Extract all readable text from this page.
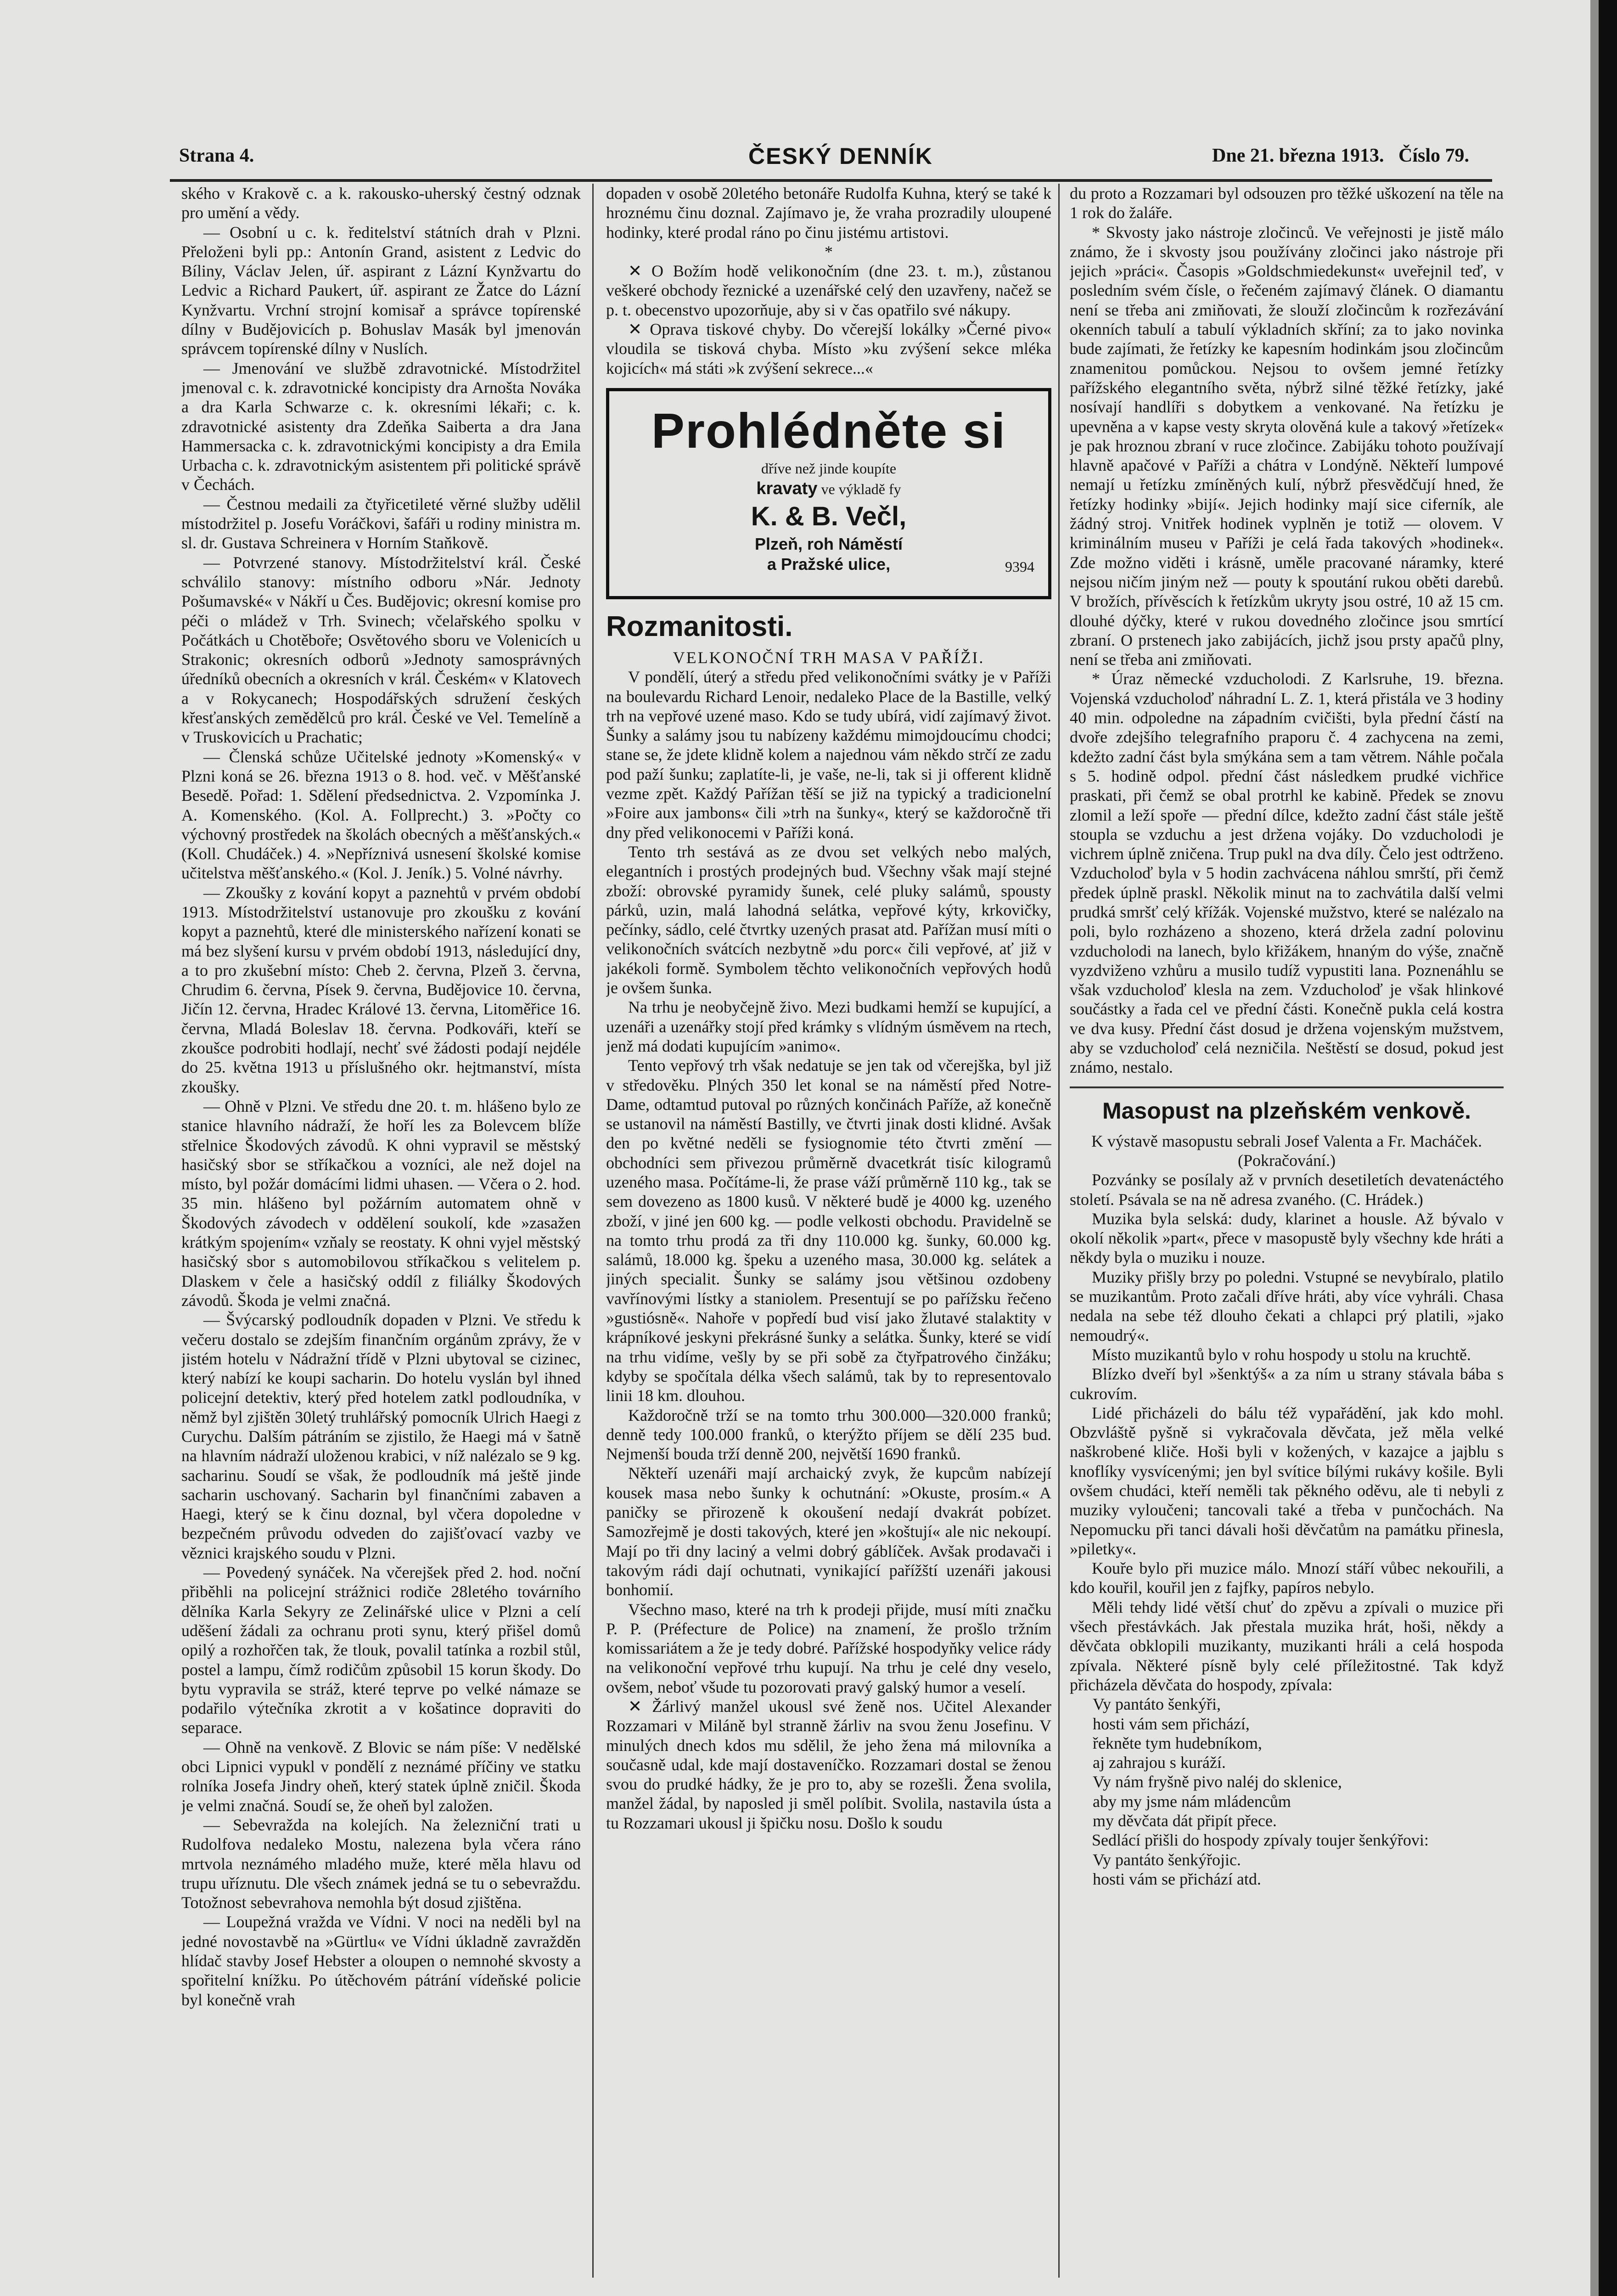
Strana 4.	ČESKÝ DENNÍK	Dne 21. března 1913. Číslo 79.

ského v Krakově c. a k. rakousko-uherský čestný odznak pro umění a vědy.

— Osobní u c. k. ředitelství státních drah v Plzni. Přeloženi byli pp.: Antonín Grand, asistent z Ledvic do Bíliny, Václav Jelen, úř. aspirant z Lázní Kynžvartu do Ledvic a Richard Paukert, úř. aspirant ze Žatce do Lázní Kynžvartu. Vrchní strojní komisař a správce topírenské dílny v Budějovicích p. Bohuslav Masák byl jmenován správcem topírenské dílny v Nuslích.

— Jmenování ve službě zdravotnické. Místodržitel jmenoval c. k. zdravotnické koncipisty dra Arnošta Nováka a dra Karla Schwarze c. k. okresními lékaři; c. k. zdravotnické asistenty dra Zdeňka Saiberta a dra Jana Hammersacka c. k. zdravotnickými koncipisty a dra Emila Urbacha c. k. zdravotnickým asistentem při politické správě v Čechách.

— Čestnou medaili za čtyřicetileté věrné služby udělil místodržitel p. Josefu Voráčkovi, šafáři u rodiny ministra m. sl. dr. Gustava Schreinera v Horním Staňkově.

— Potvrzené stanovy. Místodržitelství král. České schválilo stanovy: místního odboru »Nár. Jednoty Pošumavské« v Nákří u Čes. Budějovic; okresní komise pro péči o mládež v Trh. Svinech; včelařského spolku v Počátkách u Chotěboře; Osvětového sboru ve Volenicích u Strakonic; okresních odborů »Jednoty samosprávných úředníků obecních a okresních v král. Českém« v Klatovech a v Rokycanech; Hospodářských sdružení českých křesťanských zemědělců pro král. České ve Vel. Temelíně a v Truskovicích u Prachatic;

— Členská schůze Učitelské jednoty »Komenský« v Plzni koná se 26. března 1913 o 8. hod. več. v Měšťanské Besedě. Pořad: 1. Sdělení předsednictva. 2. Vzpomínka J. A. Komenského. (Kol. A. Follprecht.) 3. »Počty co výchovný prostředek na školách obecných a měšťanských.« (Koll. Chudáček.) 4. »Nepříznivá usnesení školské komise učitelstva měšťanského.« (Kol. J. Jeník.) 5. Volné návrhy.

— Zkoušky z kování kopyt a paznehtů v prvém období 1913. Místodržitelství ustanovuje pro zkoušku z kování kopyt a paznehtů, které dle ministerského nařízení konati se má bez slyšení kursu v prvém období 1913, následující dny, a to pro zkušební místo: Cheb 2. června, Plzeň 3. června, Chrudim 6. června, Písek 9. června, Budějovice 10. června, Jičín 12. června, Hradec Králové 13. června, Litoměřice 16. června, Mladá Boleslav 18. června. Podkováři, kteří se zkoušce podrobiti hodlají, nechť své žádosti podají nejdéle do 25. května 1913 u příslušného okr. hejtmanství, místa zkoušky.

— Ohně v Plzni. Ve středu dne 20. t. m. hlášeno bylo ze stanice hlavního nádraží, že hoří les za Bolevcem blíže střelnice Škodových závodů. K ohni vypravil se městský hasičský sbor se stříkačkou a vozníci, ale než dojel na místo, byl požár domácími lidmi uhasen. — Včera o 2. hod. 35 min. hlášeno byl požárním automatem ohně v Škodových závodech v oddělení soukolí, kde »zasažen krátkým spojením« vzňaly se reostaty. K ohni vyjel městský hasičský sbor s automobilovou stříkačkou s velitelem p. Dlaskem v čele a hasičský oddíl z filiálky Škodových závodů. Škoda je velmi značná.

— Švýcarský podloudník dopaden v Plzni. Ve středu k večeru dostalo se zdejším finančním orgánům zprávy, že v jistém hotelu v Nádražní třídě v Plzni ubytoval se cizinec, který nabízí ke koupi sacharin. Do hotelu vyslán byl ihned policejní detektiv, který před hotelem zatkl podloudníka, v němž byl zjištěn 30letý truhlářský pomocník Ulrich Haegi z Curychu. Dalším pátráním se zjistilo, že Haegi má v šatně na hlavním nádraží uloženou krabici, v níž nalézalo se 9 kg. sacharinu. Soudí se však, že podloudník má ještě jinde sacharin uschovaný. Sacharin byl finančními zabaven a Haegi, který se k činu doznal, byl včera dopoledne v bezpečném průvodu odveden do zajišťovací vazby ve věznici krajského soudu v Plzni.

— Povedený synáček. Na včerejšek před 2. hod. noční přiběhli na policejní strážnici rodiče 28letého továrního dělníka Karla Sekyry ze Zelinářské ulice v Plzni a celí uděšení žádali za ochranu proti synu, který přišel domů opilý a rozhořčen tak, že tlouk, povalil tatínka a rozbil stůl, postel a lampu, čímž rodičům způsobil 15 korun škody. Do bytu vypravila se stráž, které teprve po velké námaze se podařilo výtečníka zkrotit a v košatince dopraviti do separace.

— Ohně na venkově. Z Blovic se nám píše: V nedělské obci Lipnici vypukl v pondělí z neznámé příčiny ve statku rolníka Josefa Jindry oheň, který statek úplně zničil. Škoda je velmi značná. Soudí se, že oheň byl založen.

— Sebevražda na kolejích. Na železniční trati u Rudolfova nedaleko Mostu, nalezena byla včera ráno mrtvola neznámého mladého muže, které měla hlavu od trupu uříznutu. Dle všech známek jedná se tu o sebevraždu. Totožnost sebevrahova nemohla být dosud zjištěna.

— Loupežná vražda ve Vídni. V noci na neděli byl na jedné novostavbě na »Gürtlu« ve Vídni úkladně zavražděn hlídač stavby Josef Hebster a oloupen o nemnohé skvosty a spořitelní knížku. Po útěchovém pátrání vídeňské policie byl konečně vrah

dopaden v osobě 20letého betonáře Rudolfa Kuhna, který se také k hroznému činu doznal. Zajímavo je, že vraha prozradily uloupené hodinky, které prodal ráno po činu jistému artistovi.

*

✕ O Božím hodě velikonočním (dne 23. t. m.), zůstanou veškeré obchody řeznické a uzenářské celý den uzavřeny, načež se p. t. obecenstvo upozorňuje, aby si v čas opatřilo své nákupy.

✕ Oprava tiskové chyby. Do včerejší lokálky »Černé pivo« vloudila se tisková chyba. Místo »ku zvýšení sekce mléka kojicích« má státi »k zvýšení sekrece...«

Prohlédněte si
dříve než jinde koupíte
kravaty ve výkladě fy
K. & B. Večl,
Plzeň, roh Náměstí
a Pražské ulice,	9394
Rozmanitosti.

VELKONOČNÍ TRH MASA V PAŘÍŽI.

V pondělí, úterý a středu před velikonočními svátky je v Paříži na boulevardu Richard Lenoir, nedaleko Place de la Bastille, velký trh na vepřové uzené maso. Kdo se tudy ubírá, vidí zajímavý život. Šunky a salámy jsou tu nabízeny každému mimojdoucímu chodci; stane se, že jdete klidně kolem a najednou vám někdo strčí ze zadu pod paží šunku; zaplatíte-li, je vaše, ne-li, tak si ji offerent klidně vezme zpět. Každý Pařížan těší se již na typický a tradicionelní »Foire aux jambons« čili »trh na šunky«, který se každoročně tři dny před velikonocemi v Paříži koná.

Tento trh sestává as ze dvou set velkých nebo malých, elegantních i prostých prodejných bud. Všechny však mají stejné zboží: obrovské pyramidy šunek, celé pluky salámů, spousty párků, uzin, malá lahodná selátka, vepřové kýty, krkovičky, pečínky, sádlo, celé čtvrtky uzených prasat atd. Pařížan musí míti o velikonočních svátcích nezbytně »du porc« čili vepřové, ať již v jakékoli formě. Symbolem těchto velikonočních vepřových hodů je ovšem šunka.

Na trhu je neobyčejně živo. Mezi budkami hemží se kupující, a uzenáři a uzenářky stojí před krámky s vlídným úsměvem na rtech, jenž má dodati kupujícím »animo«.

Tento vepřový trh však nedatuje se jen tak od včerejška, byl již v středověku. Plných 350 let konal se na náměstí před Notre-Dame, odtamtud putoval po různých končinách Paříže, až konečně se ustanovil na náměstí Bastilly, ve čtvrti jinak dosti klidné. Avšak den po květné neděli se fysiognomie této čtvrti změní — obchodníci sem přivezou průměrně dvacetkrát tisíc kilogramů uzeného masa. Počítáme-li, že prase váží průměrně 110 kg., tak se sem dovezeno as 1800 kusů. V některé budě je 4000 kg. uzeného zboží, v jiné jen 600 kg. — podle velkosti obchodu. Pravidelně se na tomto trhu prodá za tři dny 110.000 kg. šunky, 60.000 kg. salámů, 18.000 kg. špeku a uzeného masa, 30.000 kg. selátek a jiných specialit. Šunky se salámy jsou většinou ozdobeny vavřínovými lístky a staniolem. Presentují se po pařížsku řečeno »gustiósně«. Nahoře v popředí bud visí jako žlutavé stalaktity v krápníkové jeskyni překrásné šunky a selátka. Šunky, které se vidí na trhu vidíme, vešly by se při sobě za čtyřpatrového činžáku; kdyby se spočítala délka všech salámů, tak by to representovalo linii 18 km. dlouhou.

Každoročně trží se na tomto trhu 300.000—320.000 franků; denně tedy 100.000 franků, o kterýžto příjem se dělí 235 bud. Nejmenší bouda trží denně 200, největší 1690 franků.

Někteří uzenáři mají archaický zvyk, že kupcům nabízejí kousek masa nebo šunky k ochutnání: »Okuste, prosím.« A paničky se přirozeně k okoušení nedají dvakrát pobízet. Samozřejmě je dosti takových, které jen »koštují« ale nic nekoupí. Mají po tři dny laciný a velmi dobrý gáblíček. Avšak prodavači i takovým rádi dají ochutnati, vynikající pařížští uzenáři jakousi bonhomií.

Všechno maso, které na trh k prodeji přijde, musí míti značku P. P. (Préfecture de Police) na znamení, že prošlo tržním komissariátem a že je tedy dobré. Pařížské hospodyňky velice rády na velikonoční vepřové trhu kupují. Na trhu je celé dny veselo, ovšem, neboť všude tu pozorovati pravý galský humor a veselí.

✕ Žárlivý manžel ukousl své ženě nos. Učitel Alexander Rozzamari v Miláně byl stranně žárliv na svou ženu Josefinu. V minulých dnech kdos mu sdělil, že jeho žena má milovníka a současně udal, kde mají dostaveníčko. Rozzamari dostal se ženou svou do prudké hádky, že je pro to, aby se rozešli. Žena svolila, manžel žádal, by naposled ji směl políbit. Svolila, nastavila ústa a tu Rozzamari ukousl ji špičku nosu. Došlo k soudu

du proto a Rozzamari byl odsouzen pro těžké uškození na těle na 1 rok do žaláře.

* Skvosty jako nástroje zločinců. Ve veřejnosti je jistě málo známo, že i skvosty jsou používány zločinci jako nástroje při jejich »práci«. Časopis »Goldschmiedekunst« uveřejnil teď, v posledním svém čísle, o řečeném zajímavý článek. O diamantu není se třeba ani zmiňovati, že slouží zločincům k rozřezávání okenních tabulí a tabulí výkladních skříní; za to jako novinka bude zajímati, že řetízky ke kapesním hodinkám jsou zločincům znamenitou pomůckou. Nejsou to ovšem jemné řetízky pařížského elegantního světa, nýbrž silné těžké řetízky, jaké nosívají handlíři s dobytkem a venkované. Na řetízku je upevněna a v kapse vesty skryta olověná kule a takový »řetízek« je pak hroznou zbraní v ruce zločince. Zabijáku tohoto používají hlavně apačové v Paříži a chátra v Londýně. Někteří lumpové nemají u řetízku zmíněných kulí, nýbrž přesvědčují hned, že řetízky hodinky »bijí«. Jejich hodinky mají sice ciferník, ale žádný stroj. Vnitřek hodinek vyplněn je totiž — olovem. V kriminálním museu v Paříži je celá řada takových »hodinek«. Zde možno viděti i krásně, uměle pracované náramky, které nejsou ničím jiným než — pouty k spoutání rukou oběti darebů. V brožích, přívěscích k řetízkům ukryty jsou ostré, 10 až 15 cm. dlouhé dýčky, které v rukou dovedného zločince jsou smrtící zbraní. O prstenech jako zabijácích, jichž jsou prsty apačů plny, není se třeba ani zmiňovati.

* Úraz německé vzducholodi. Z Karlsruhe, 19. března. Vojenská vzducholoď náhradní L. Z. 1, která přistála ve 3 hodiny 40 min. odpoledne na západním cvičišti, byla přední částí na dvoře zdejšího telegrafního praporu č. 4 zachycena na zemi, kdežto zadní část byla smýkána sem a tam větrem. Náhle počala s 5. hodině odpol. přední část následkem prudké vichřice praskati, při čemž se obal protrhl ke kabině. Předek se znovu zlomil a leží spoře — přední dílce, kdežto zadní část stále ještě stoupla se vzduchu a jest držena vojáky. Do vzducholodi je vichrem úplně zničena. Trup pukl na dva díly. Čelo jest odtrženo. Vzducholoď byla v 5 hodin zachvácena náhlou smrští, při čemž předek úplně praskl. Několik minut na to zachvátila další velmi prudká smršť celý křížák. Vojenské mužstvo, které se nalézalo na poli, bylo rozházeno a shozeno, která držela zadní polovinu vzducholodi na lanech, bylo křižákem, hnaným do výše, značně vyzdviženo vzhůru a musilo tudíž vypustiti lana. Poznenáhlu se však vzducholoď klesla na zem. Vzducholoď je však hlinkové součástky a řada cel ve přední části. Konečně pukla celá kostra ve dva kusy. Přední část dosud je držena vojenským mužstvem, aby se vzducholoď celá nezničila. Neštěstí se dosud, pokud jest známo, nestalo.

Masopust na plzeňském venkově.

K výstavě masopustu sebrali Josef Valenta a Fr. Macháček.

(Pokračování.)

Pozvánky se posílaly až v prvních desetiletích devatenáctého století. Psávala se na ně adresa zvaného. (C. Hrádek.)

Muzika byla selská: dudy, klarinet a housle. Až bývalo v okolí několik »part«, přece v masopustě byly všechny kde hráti a někdy byla o muziku i nouze.

Muziky přišly brzy po poledni. Vstupné se nevybíralo, platilo se muzikantům. Proto začali dříve hráti, aby více vyhráli. Chasa nedala na sebe též dlouho čekati a chlapci prý platili, »jako nemoudrý«.

Místo muzikantů bylo v rohu hospody u stolu na kruchtě.

Blízko dveří byl »šenktýš« a za ním u strany stávala bába s cukrovím.

Lidé přicházeli do bálu též vypařádění, jak kdo mohl. Obzvláště pyšně si vykračovala děvčata, jež měla velké naškrobené kliče. Hoši byli v kožených, v kazajce a jajblu s knoflíky vysvícenými; jen byl svítice bílými rukávy košile. Byli ovšem chudáci, kteří neměli tak pěkného oděvu, ale ti nebyli z muziky vyloučeni; tancovali také a třeba v punčochách. Na Nepomucku při tanci dávali hoši děvčatům na památku přinesla, »piletky«.

Kouře bylo při muzice málo. Mnozí stáří vůbec nekouřili, a kdo kouřil, kouřil jen z fajfky, papíros nebylo.

Měli tehdy lidé větší chuť do zpěvu a zpívali o muzice při všech přestávkách. Jak přestala muzika hrát, hoši, někdy a děvčata obklopili muzikanty, muzikanti hráli a celá hospoda zpívala. Některé písně byly celé příležitostné. Tak když přicházela děvčata do hospody, zpívala:

Vy pantáto šenkýři,

hosti vám sem přichází,

řekněte tym hudebníkom,

aj zahrajou s kuráží.

Vy nám fryšně pivo naléj do sklenice,

aby my jsme nám mládencům

my děvčata dát připít přece.

Sedlácí přišli do hospody zpívaly toujer šenkýřovi:

Vy pantáto šenkýřojic.

hosti vám se přichází atd.
